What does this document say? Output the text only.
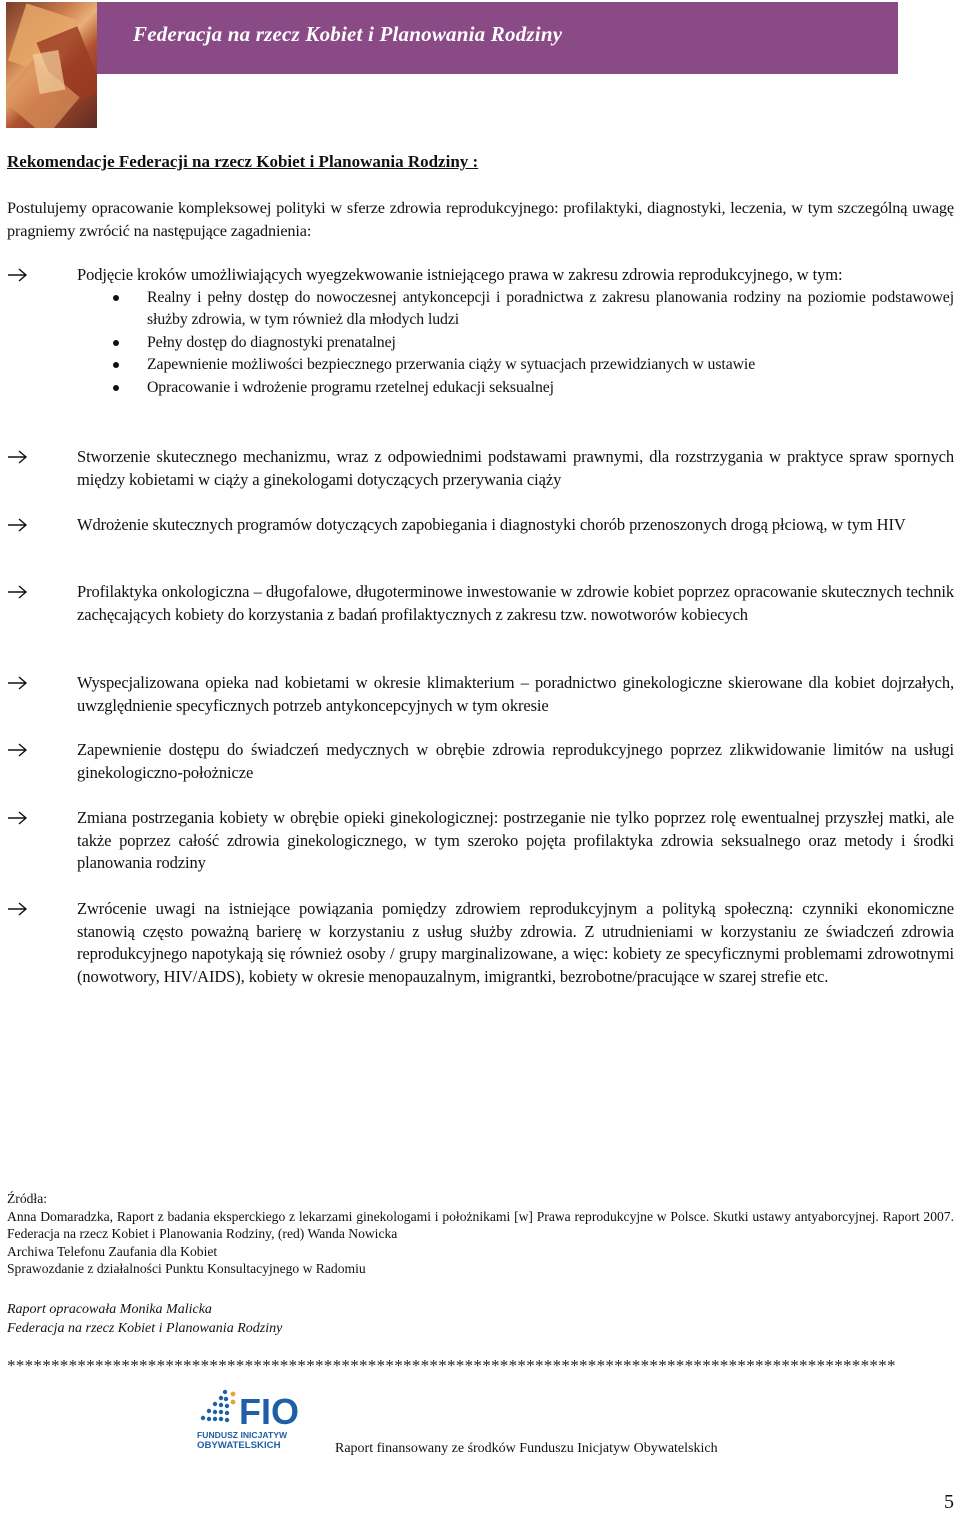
Federacja na rzecz Kobiet i Planowania Rodziny
Rekomendacje Federacji na rzecz Kobiet i Planowania Rodziny :

Postulujemy opracowanie kompleksowej polityki w sferze zdrowia reprodukcyjnego: profilaktyki, diagnostyki, leczenia, w tym szczególną uwagę pragniemy zwrócić na następujące zagadnienia:

Podjęcie kroków umożliwiających wyegzekwowanie istniejącego prawa w zakresu zdrowia reprodukcyjnego, w tym:

Realny i pełny dostęp do nowoczesnej antykoncepcji i poradnictwa z zakresu planowania rodziny na poziomie podstawowej służby zdrowia, w tym również dla młodych ludzi
Pełny dostęp do diagnostyki prenatalnej
Zapewnienie możliwości bezpiecznego przerwania ciąży w sytuacjach przewidzianych w ustawie
Opracowanie i wdrożenie programu rzetelnej edukacji seksualnej

Stworzenie skutecznego mechanizmu, wraz z odpowiednimi podstawami prawnymi, dla rozstrzygania w praktyce spraw spornych między kobietami w ciąży a ginekologami dotyczących przerywania ciąży

Wdrożenie skutecznych programów dotyczących zapobiegania i diagnostyki chorób przenoszonych drogą płciową, w tym HIV

Profilaktyka onkologiczna – długofalowe, długoterminowe inwestowanie w zdrowie kobiet poprzez opracowanie skutecznych technik zachęcających kobiety do korzystania z badań profilaktycznych z zakresu tzw. nowotworów kobiecych

Wyspecjalizowana opieka nad kobietami w okresie klimakterium – poradnictwo ginekologiczne skierowane dla kobiet dojrzałych, uwzględnienie specyficznych potrzeb antykoncepcyjnych w tym okresie

Zapewnienie dostępu do świadczeń medycznych w obrębie zdrowia reprodukcyjnego poprzez zlikwidowanie limitów na usługi ginekologiczno-położnicze

Zmiana postrzegania kobiety w obrębie opieki ginekologicznej: postrzeganie nie tylko poprzez rolę ewentualnej przyszłej matki, ale także poprzez całość zdrowia ginekologicznego, w tym szeroko pojęta profilaktyka zdrowia seksualnego oraz metody i środki planowania rodziny

Zwrócenie uwagi na istniejące powiązania pomiędzy zdrowiem reprodukcyjnym a polityką społeczną: czynniki ekonomiczne stanowią często poważną barierę w korzystaniu z usług służby zdrowia. Z utrudnieniami w korzystaniu ze świadczeń zdrowia reprodukcyjnego napotykają się również osoby / grupy marginalizowane, a więc: kobiety ze specyficznymi problemami zdrowotnymi (nowotwory, HIV/AIDS), kobiety w okresie menopauzalnym, imigrantki, bezrobotne/pracujące w szarej strefie etc.

Źródła:
Anna Domaradzka, Raport z badania eksperckiego z lekarzami ginekologami i położnikami [w] Prawa reprodukcyjne w Polsce. Skutki ustawy antyaborcyjnej. Raport 2007. Federacja na rzecz Kobiet i Planowania Rodziny, (red) Wanda Nowicka
Archiwa Telefonu Zaufania dla Kobiet
Sprawozdanie z działalności Punktu Konsultacyjnego w Radomiu
Raport opracowała Monika Malicka
Federacja na rzecz Kobiet i Planowania Rodziny
*****************************************************************************************************
FIO
FUNDUSZ INICJATYW
OBYWATELSKICH	Raport finansowany ze środków Funduszu Inicjatyw Obywatelskich
5
